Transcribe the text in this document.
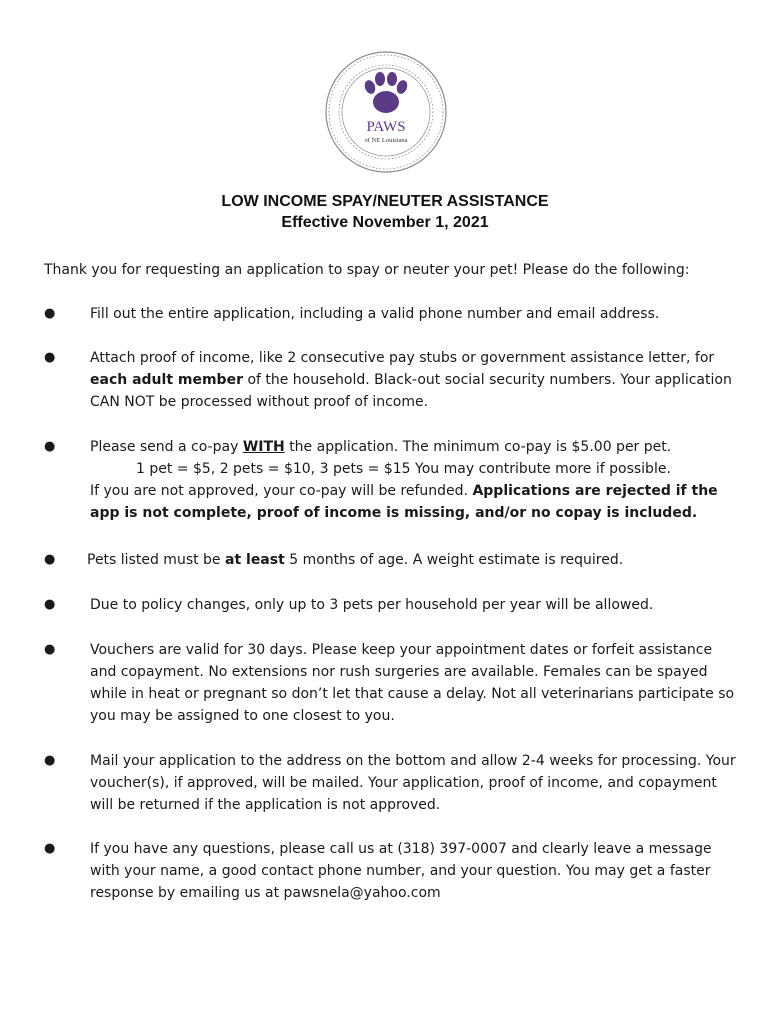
PAWS
of NE Louisiana
LOW INCOME SPAY/NEUTER ASSISTANCE
Effective November 1, 2021
Thank you for requesting an application to spay or neuter your pet! Please do the following:
● Fill out the entire application, including a valid phone number and email address.
● Attach proof of income, like 2 consecutive pay stubs or government assistance letter, for each adult member of the household. Black-out social security numbers. Your application CAN NOT be processed without proof of income.
● Please send a co-pay WITH the application. The minimum co-pay is $5.00 per pet.
1 pet = $5, 2 pets = $10, 3 pets = $15 You may contribute more if possible.
If you are not approved, your co-pay will be refunded. Applications are rejected if the app is not complete, proof of income is missing, and/or no copay is included.
● Pets listed must be at least 5 months of age. A weight estimate is required.
● Due to policy changes, only up to 3 pets per household per year will be allowed.
● Vouchers are valid for 30 days. Please keep your appointment dates or forfeit assistance and copayment. No extensions nor rush surgeries are available. Females can be spayed while in heat or pregnant so don’t let that cause a delay. Not all veterinarians participate so you may be assigned to one closest to you.
● Mail your application to the address on the bottom and allow 2-4 weeks for processing. Your voucher(s), if approved, will be mailed. Your application, proof of income, and copayment will be returned if the application is not approved.
● If you have any questions, please call us at (318) 397-0007 and clearly leave a message with your name, a good contact phone number, and your question. You may get a faster response by emailing us at pawsnela@yahoo.com
